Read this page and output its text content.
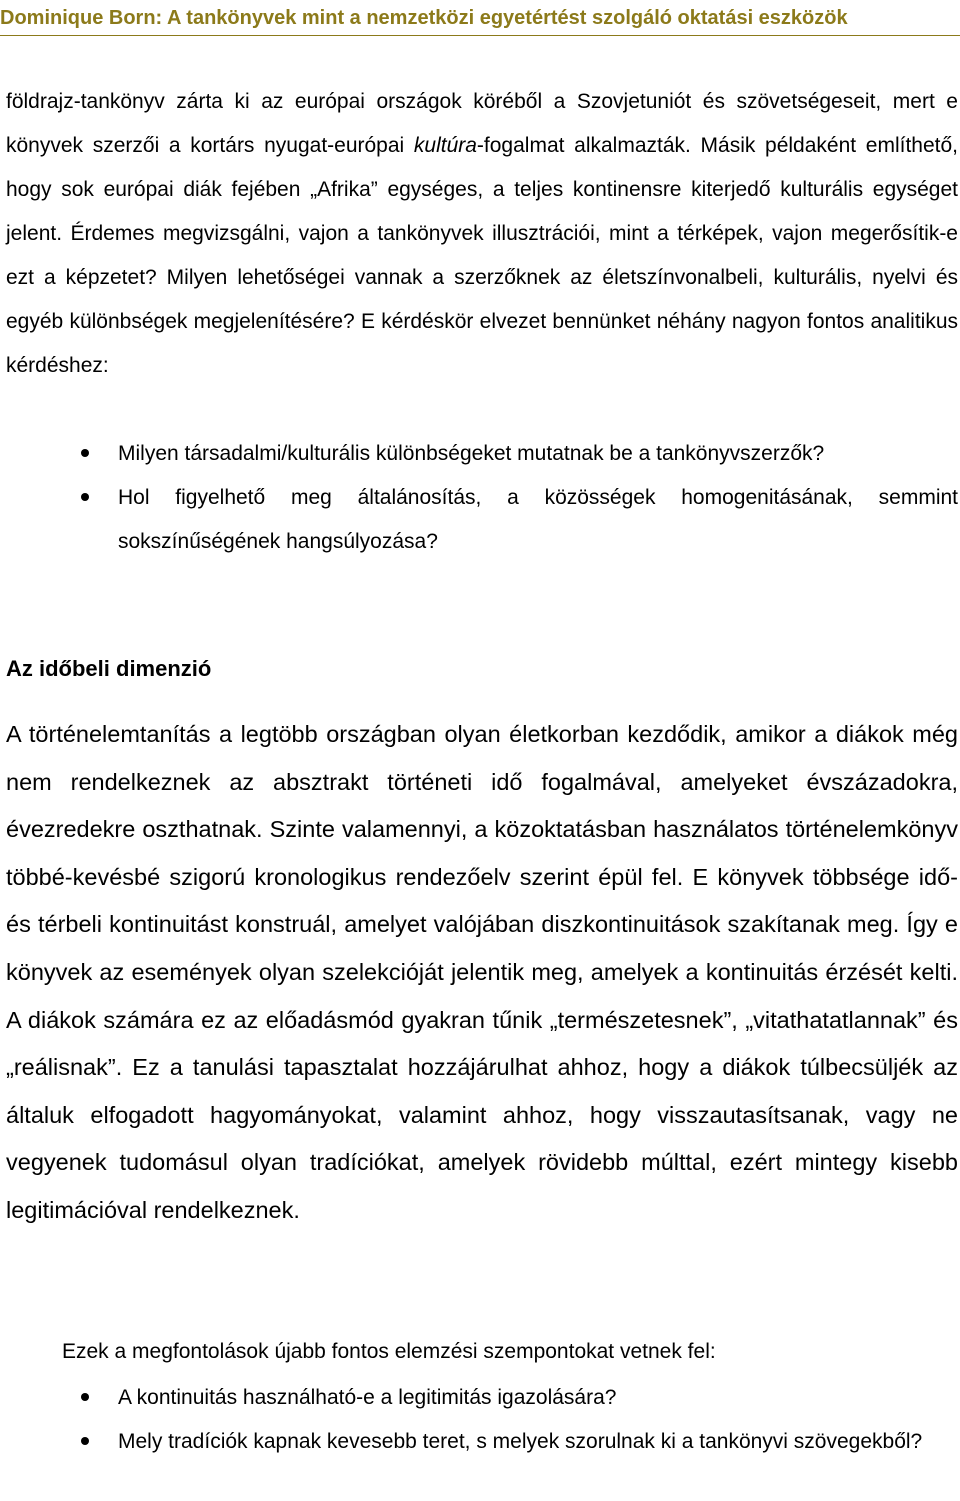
Dominique Born: A tankönyvek mint a nemzetközi egyetértést szolgáló oktatási eszközök

földrajz-tankönyv zárta ki az európai országok köréből a Szovjetuniót és szövetségeseit, mert e könyvek szerzői a kortárs nyugat-európai kultúra-fogalmat alkalmazták. Másik példaként említhető, hogy sok európai diák fejében „Afrika” egységes, a teljes kontinensre kiterjedő kulturális egységet jelent. Érdemes megvizsgálni, vajon a tankönyvek illusztrációi, mint a térképek, vajon megerősítik-e ezt a képzetet? Milyen lehetőségei vannak a szerzőknek az életszínvonalbeli, kulturális, nyelvi és egyéb különbségek megjelenítésére? E kérdéskör elvezet bennünket néhány nagyon fontos analitikus kérdéshez:

Milyen társadalmi/kulturális különbségeket mutatnak be a tankönyvszerzők?
Hol figyelhető meg általánosítás, a közösségek homogenitásának, semmint sokszínűségének hangsúlyozása?
Az időbeli dimenzió

A történelemtanítás a legtöbb országban olyan életkorban kezdődik, amikor a diákok még nem rendelkeznek az absztrakt történeti idő fogalmával, amelyeket évszázadokra, évezredekre oszthatnak. Szinte valamennyi, a közoktatásban használatos történelemkönyv többé-kevésbé szigorú kronologikus rendezőelv szerint épül fel. E könyvek többsége idő- és térbeli kontinuitást konstruál, amelyet valójában diszkontinuitások szakítanak meg. Így e könyvek az események olyan szelekcióját jelentik meg, amelyek a kontinuitás érzését kelti. A diákok számára ez az előadásmód gyakran tűnik „természetesnek”, „vitathatatlannak” és „reálisnak”. Ez a tanulási tapasztalat hozzájárulhat ahhoz, hogy a diákok túlbecsüljék az általuk elfogadott hagyományokat, valamint ahhoz, hogy visszautasítsanak, vagy ne vegyenek tudomásul olyan tradíciókat, amelyek rövidebb múlttal, ezért mintegy kisebb legitimációval rendelkeznek.

Ezek a megfontolások újabb fontos elemzési szempontokat vetnek fel:

A kontinuitás használható-e a legitimitás igazolására?
Mely tradíciók kapnak kevesebb teret, s melyek szorulnak ki a tankönyvi szövegekből?
